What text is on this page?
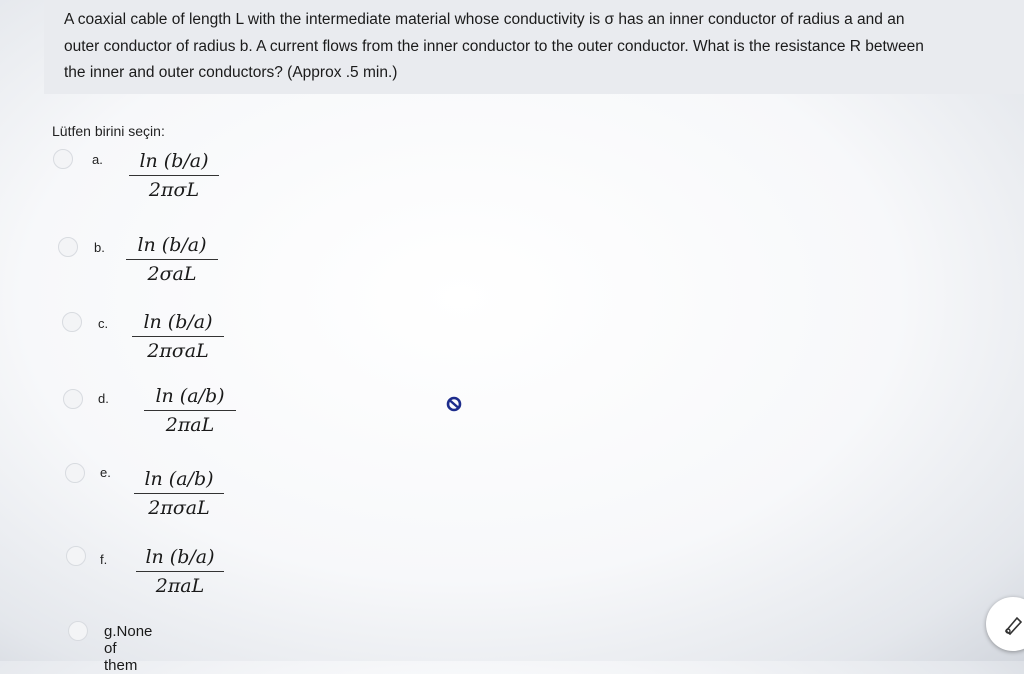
A coaxial cable of length L with the intermediate material whose conductivity is σ has an inner conductor of radius a and an
outer conductor of radius b. A current flows from the inner conductor to the outer conductor. What is the resistance R between
the inner and outer conductors? (Approx .5 min.)
Lütfen birini seçin:
a.	ln (b/a)
2πσL
b.	ln (b/a)
2σaL
c.	ln (b/a)
2πσaL
d.	ln (a/b)
2πaL
e.	ln (a/b)
2πσaL
f.	ln (b/a)
2πaL
g.None of them
